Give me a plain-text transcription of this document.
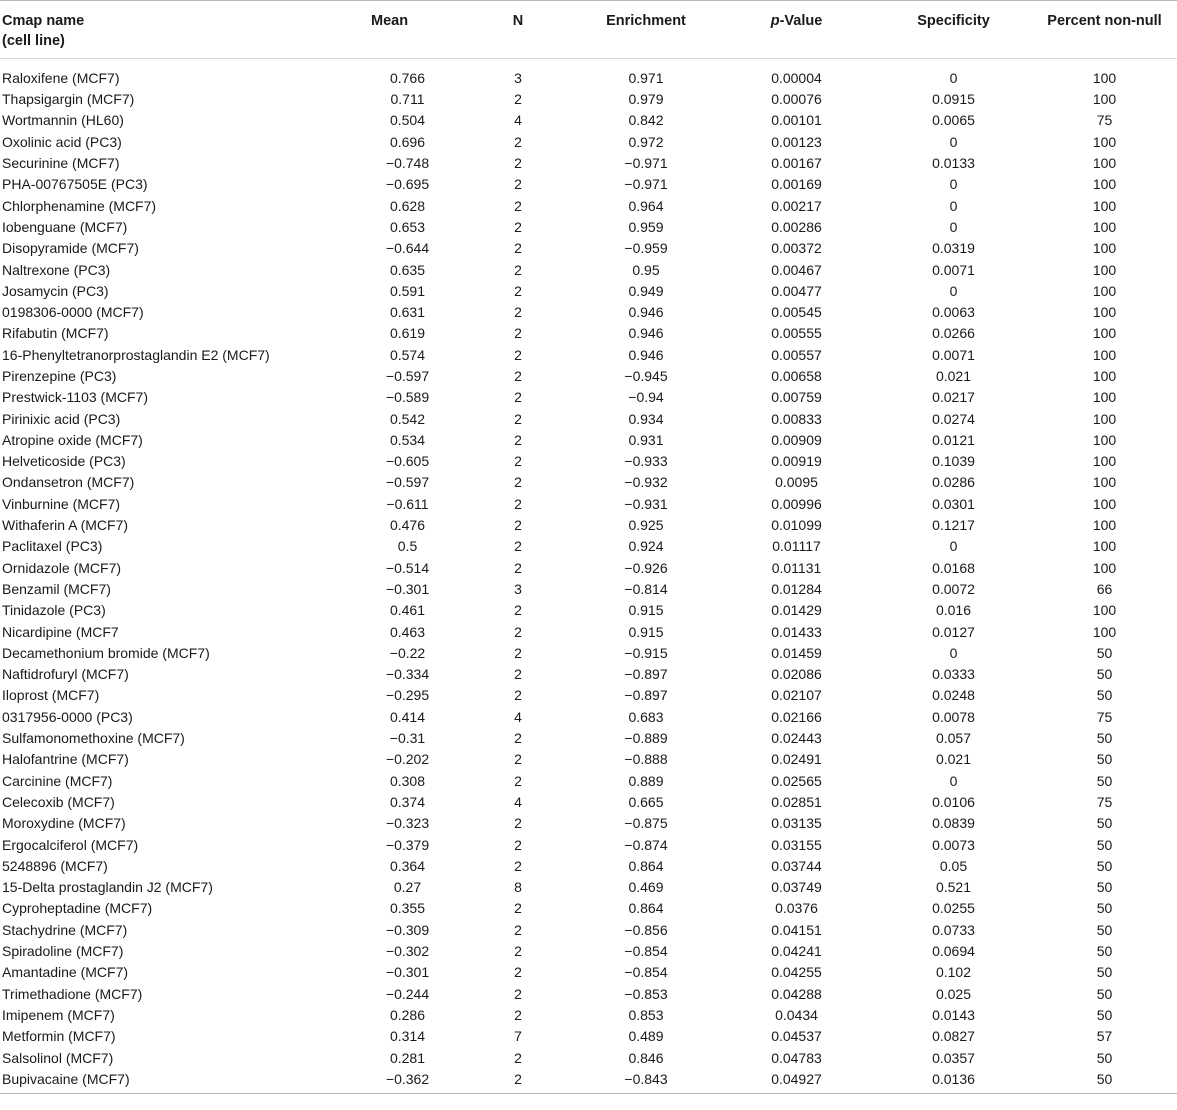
Cmap name
(cell line)	Mean	N	Enrichment	p-Value	Specificity	Percent non-null
Raloxifene (MCF7)	0.766	3	0.971	0.00004	0	100
Thapsigargin (MCF7)	0.711	2	0.979	0.00076	0.0915	100
Wortmannin (HL60)	0.504	4	0.842	0.00101	0.0065	75
Oxolinic acid (PC3)	0.696	2	0.972	0.00123	0	100
Securinine (MCF7)	−0.748	2	−0.971	0.00167	0.0133	100
PHA-00767505E (PC3)	−0.695	2	−0.971	0.00169	0	100
Chlorphenamine (MCF7)	0.628	2	0.964	0.00217	0	100
Iobenguane (MCF7)	0.653	2	0.959	0.00286	0	100
Disopyramide (MCF7)	−0.644	2	−0.959	0.00372	0.0319	100
Naltrexone (PC3)	0.635	2	0.95	0.00467	0.0071	100
Josamycin (PC3)	0.591	2	0.949	0.00477	0	100
0198306-0000 (MCF7)	0.631	2	0.946	0.00545	0.0063	100
Rifabutin (MCF7)	0.619	2	0.946	0.00555	0.0266	100
16-Phenyltetranorprostaglandin E2 (MCF7)	0.574	2	0.946	0.00557	0.0071	100
Pirenzepine (PC3)	−0.597	2	−0.945	0.00658	0.021	100
Prestwick-1103 (MCF7)	−0.589	2	−0.94	0.00759	0.0217	100
Pirinixic acid (PC3)	0.542	2	0.934	0.00833	0.0274	100
Atropine oxide (MCF7)	0.534	2	0.931	0.00909	0.0121	100
Helveticoside (PC3)	−0.605	2	−0.933	0.00919	0.1039	100
Ondansetron (MCF7)	−0.597	2	−0.932	0.0095	0.0286	100
Vinburnine (MCF7)	−0.611	2	−0.931	0.00996	0.0301	100
Withaferin A (MCF7)	0.476	2	0.925	0.01099	0.1217	100
Paclitaxel (PC3)	0.5	2	0.924	0.01117	0	100
Ornidazole (MCF7)	−0.514	2	−0.926	0.01131	0.0168	100
Benzamil (MCF7)	−0.301	3	−0.814	0.01284	0.0072	66
Tinidazole (PC3)	0.461	2	0.915	0.01429	0.016	100
Nicardipine (MCF7	0.463	2	0.915	0.01433	0.0127	100
Decamethonium bromide (MCF7)	−0.22	2	−0.915	0.01459	0	50
Naftidrofuryl (MCF7)	−0.334	2	−0.897	0.02086	0.0333	50
Iloprost (MCF7)	−0.295	2	−0.897	0.02107	0.0248	50
0317956-0000 (PC3)	0.414	4	0.683	0.02166	0.0078	75
Sulfamonomethoxine (MCF7)	−0.31	2	−0.889	0.02443	0.057	50
Halofantrine (MCF7)	−0.202	2	−0.888	0.02491	0.021	50
Carcinine (MCF7)	0.308	2	0.889	0.02565	0	50
Celecoxib (MCF7)	0.374	4	0.665	0.02851	0.0106	75
Moroxydine (MCF7)	−0.323	2	−0.875	0.03135	0.0839	50
Ergocalciferol (MCF7)	−0.379	2	−0.874	0.03155	0.0073	50
5248896 (MCF7)	0.364	2	0.864	0.03744	0.05	50
15-Delta prostaglandin J2 (MCF7)	0.27	8	0.469	0.03749	0.521	50
Cyproheptadine (MCF7)	0.355	2	0.864	0.0376	0.0255	50
Stachydrine (MCF7)	−0.309	2	−0.856	0.04151	0.0733	50
Spiradoline (MCF7)	−0.302	2	−0.854	0.04241	0.0694	50
Amantadine (MCF7)	−0.301	2	−0.854	0.04255	0.102	50
Trimethadione (MCF7)	−0.244	2	−0.853	0.04288	0.025	50
Imipenem (MCF7)	0.286	2	0.853	0.0434	0.0143	50
Metformin (MCF7)	0.314	7	0.489	0.04537	0.0827	57
Salsolinol (MCF7)	0.281	2	0.846	0.04783	0.0357	50
Bupivacaine (MCF7)	−0.362	2	−0.843	0.04927	0.0136	50
